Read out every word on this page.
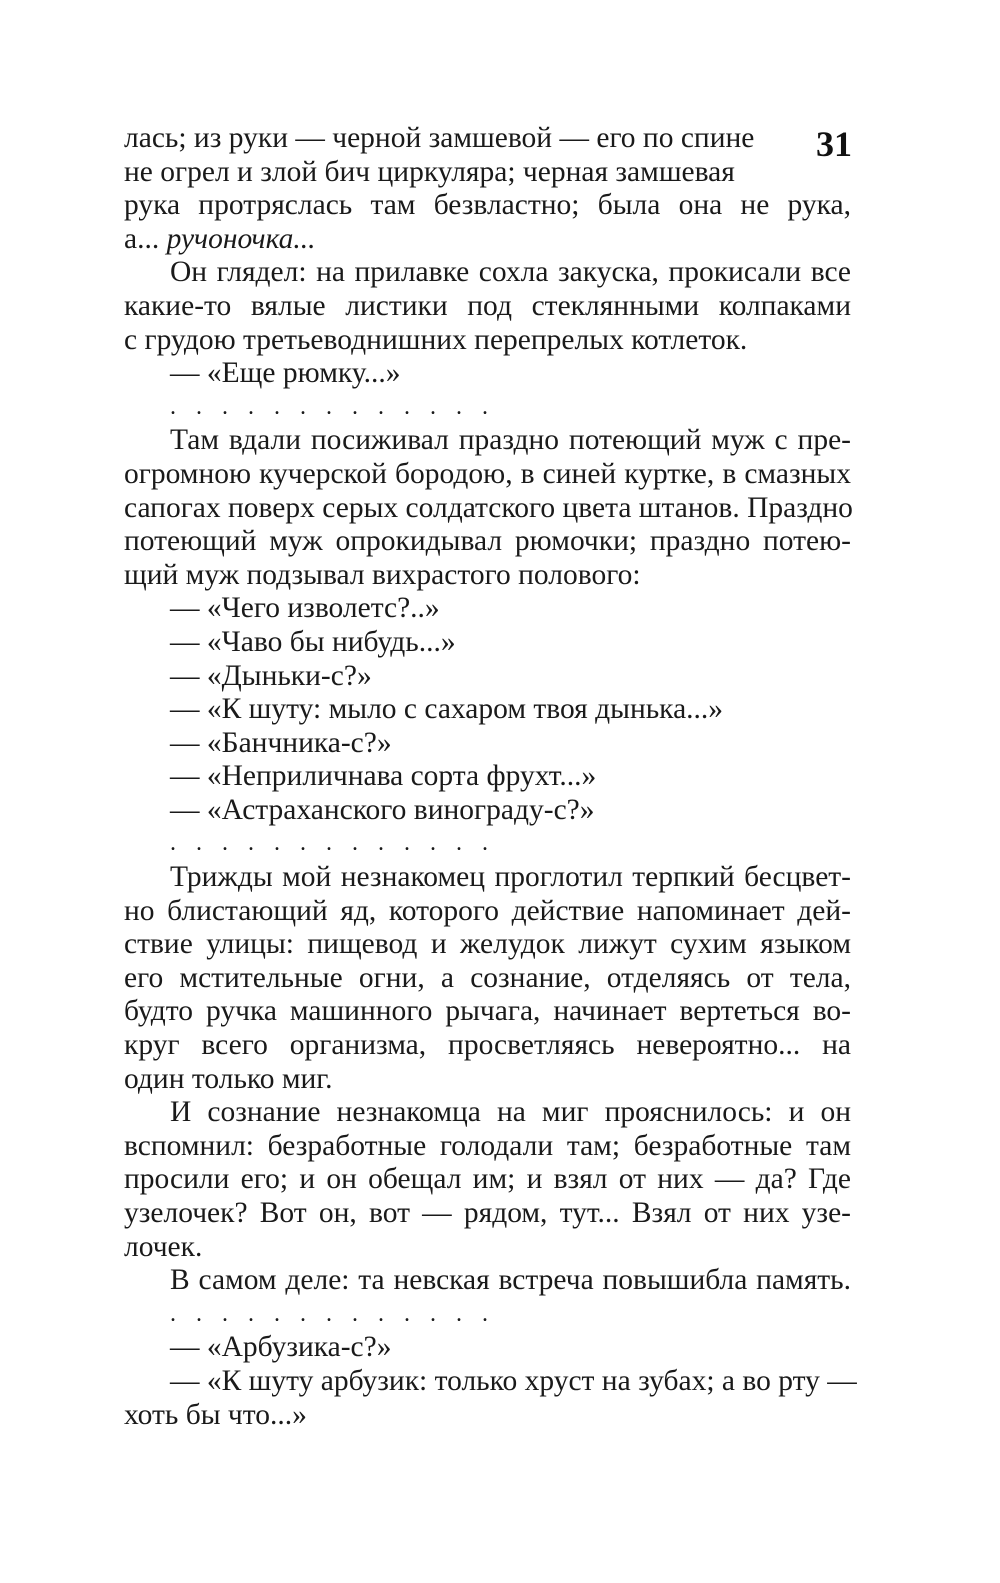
31
лась; из руки — черной замшевой — его по спине
не огрел и злой бич циркуляра; черная замшевая
рука протряслась там безвластно; была она не рука,
а... ручоночка...
Он глядел: на прилавке сохла закуска, прокисали все
какие-то вялые листики под стеклянными колпаками
с грудою третьеводнишних перепрелых котлеток.
— «Еще рюмку...»
. . . . . . . . . . . . .
Там вдали посиживал праздно потеющий муж с пре-
огромною кучерской бородою, в синей куртке, в смазных
сапогах поверх серых солдатского цвета штанов. Праздно
потеющий муж опрокидывал рюмочки; праздно потею-
щий муж подзывал вихрастого полового:
— «Чего изволетс?..»
— «Чаво бы нибудь...»
— «Дыньки-с?»
— «К шуту: мыло с сахаром твоя дынька...»
— «Банчника-с?»
— «Неприличнава сорта фрухт...»
— «Астраханского винограду-с?»
. . . . . . . . . . . . .
Трижды мой незнакомец проглотил терпкий бесцвет-
но блистающий яд, которого действие напоминает дей-
ствие улицы: пищевод и желудок лижут сухим языком
его мстительные огни, а сознание, отделяясь от тела,
будто ручка машинного рычага, начинает вертеться во-
круг всего организма, просветляясь невероятно... на
один только миг.
И сознание незнакомца на миг прояснилось: и он
вспомнил: безработные голодали там; безработные там
просили его; и он обещал им; и взял от них — да? Где
узелочек? Вот он, вот — рядом, тут... Взял от них узе-
лочек.
В самом деле: та невская встреча повышибла память.
. . . . . . . . . . . . .
— «Арбузика-с?»
— «К шуту арбузик: только хруст на зубах; а во рту —
хоть бы что...»
